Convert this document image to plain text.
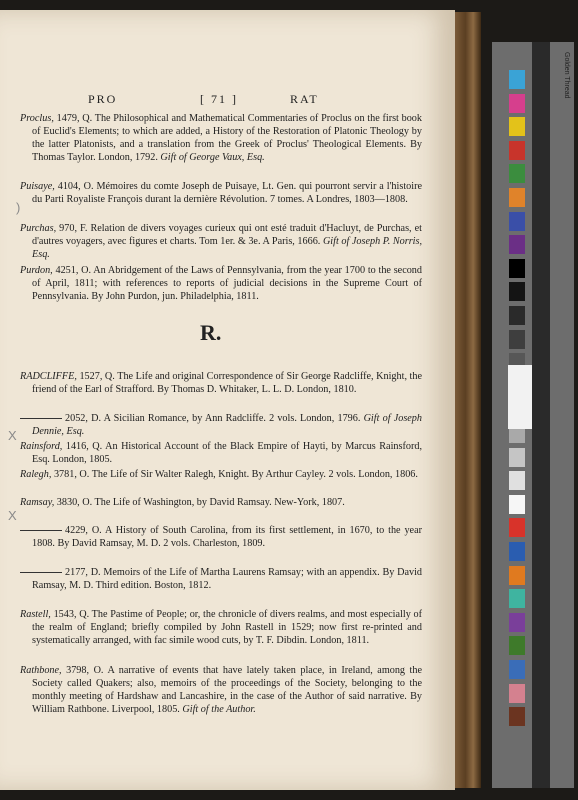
PRO	[ 71 ]	RAT
Proclus, 1479, Q. The Philosophical and Mathematical Commentaries of Proclus on the first book of Euclid's Elements; to which are added, a History of the Restoration of Platonic Theology by the latter Platonists, and a translation from the Greek of Proclus' Theological Elements. By Thomas Taylor. London, 1792. Gift of George Vaux, Esq.
Puisaye, 4104, O. Mémoires du comte Joseph de Puisaye, Lt. Gen. qui pourront servir a l'histoire du Parti Royaliste François durant la dernière Révolution. 7 tomes. A Londres, 1803—1808.
Purchas, 970, F. Relation de divers voyages curieux qui ont esté traduit d'Hacluyt, de Purchas, et d'autres voyagers, avec figures et charts. Tom 1er. & 3e. A Paris, 1666. Gift of Joseph P. Norris, Esq.
Purdon, 4251, O. An Abridgement of the Laws of Pennsylvania, from the year 1700 to the second of April, 1811; with references to reports of judicial decisions in the Supreme Court of Pennsylvania. By John Purdon, jun. Philadelphia, 1811.
R.
RADCLIFFE, 1527, Q. The Life and original Correspondence of Sir George Radcliffe, Knight, the friend of the Earl of Strafford. By Thomas D. Whitaker, L. L. D. London, 1810.
2052, D. A Sicilian Romance, by Ann Radcliffe. 2 vols. London, 1796. Gift of Joseph Dennie, Esq.
Rainsford, 1416, Q. An Historical Account of the Black Empire of Hayti, by Marcus Rainsford, Esq. London, 1805.
Ralegh, 3781, O. The Life of Sir Walter Ralegh, Knight. By Arthur Cayley. 2 vols. London, 1806.
Ramsay, 3830, O. The Life of Washington, by David Ramsay. New-York, 1807.
4229, O. A History of South Carolina, from its first settlement, in 1670, to the year 1808. By David Ramsay, M. D. 2 vols. Charleston, 1809.
2177, D. Memoirs of the Life of Martha Laurens Ramsay; with an appendix. By David Ramsay, M. D. Third edition. Boston, 1812.
Rastell, 1543, Q. The Pastime of People; or, the chronicle of divers realms, and most especially of the realm of England; briefly compiled by John Rastell in 1529; now first re-printed and systematically arranged, with fac simile wood cuts, by T. F. Dibdin. London, 1811.
Rathbone, 3798, O. A narrative of events that have lately taken place, in Ireland, among the Society called Quakers; also, memoirs of the proceedings of the Society, belonging to the monthly meeting of Hardshaw and Lancashire, in the case of the Author of said narrative. By William Rathbone. Liverpool, 1805. Gift of the Author.
)
X
X
Golden Thread
